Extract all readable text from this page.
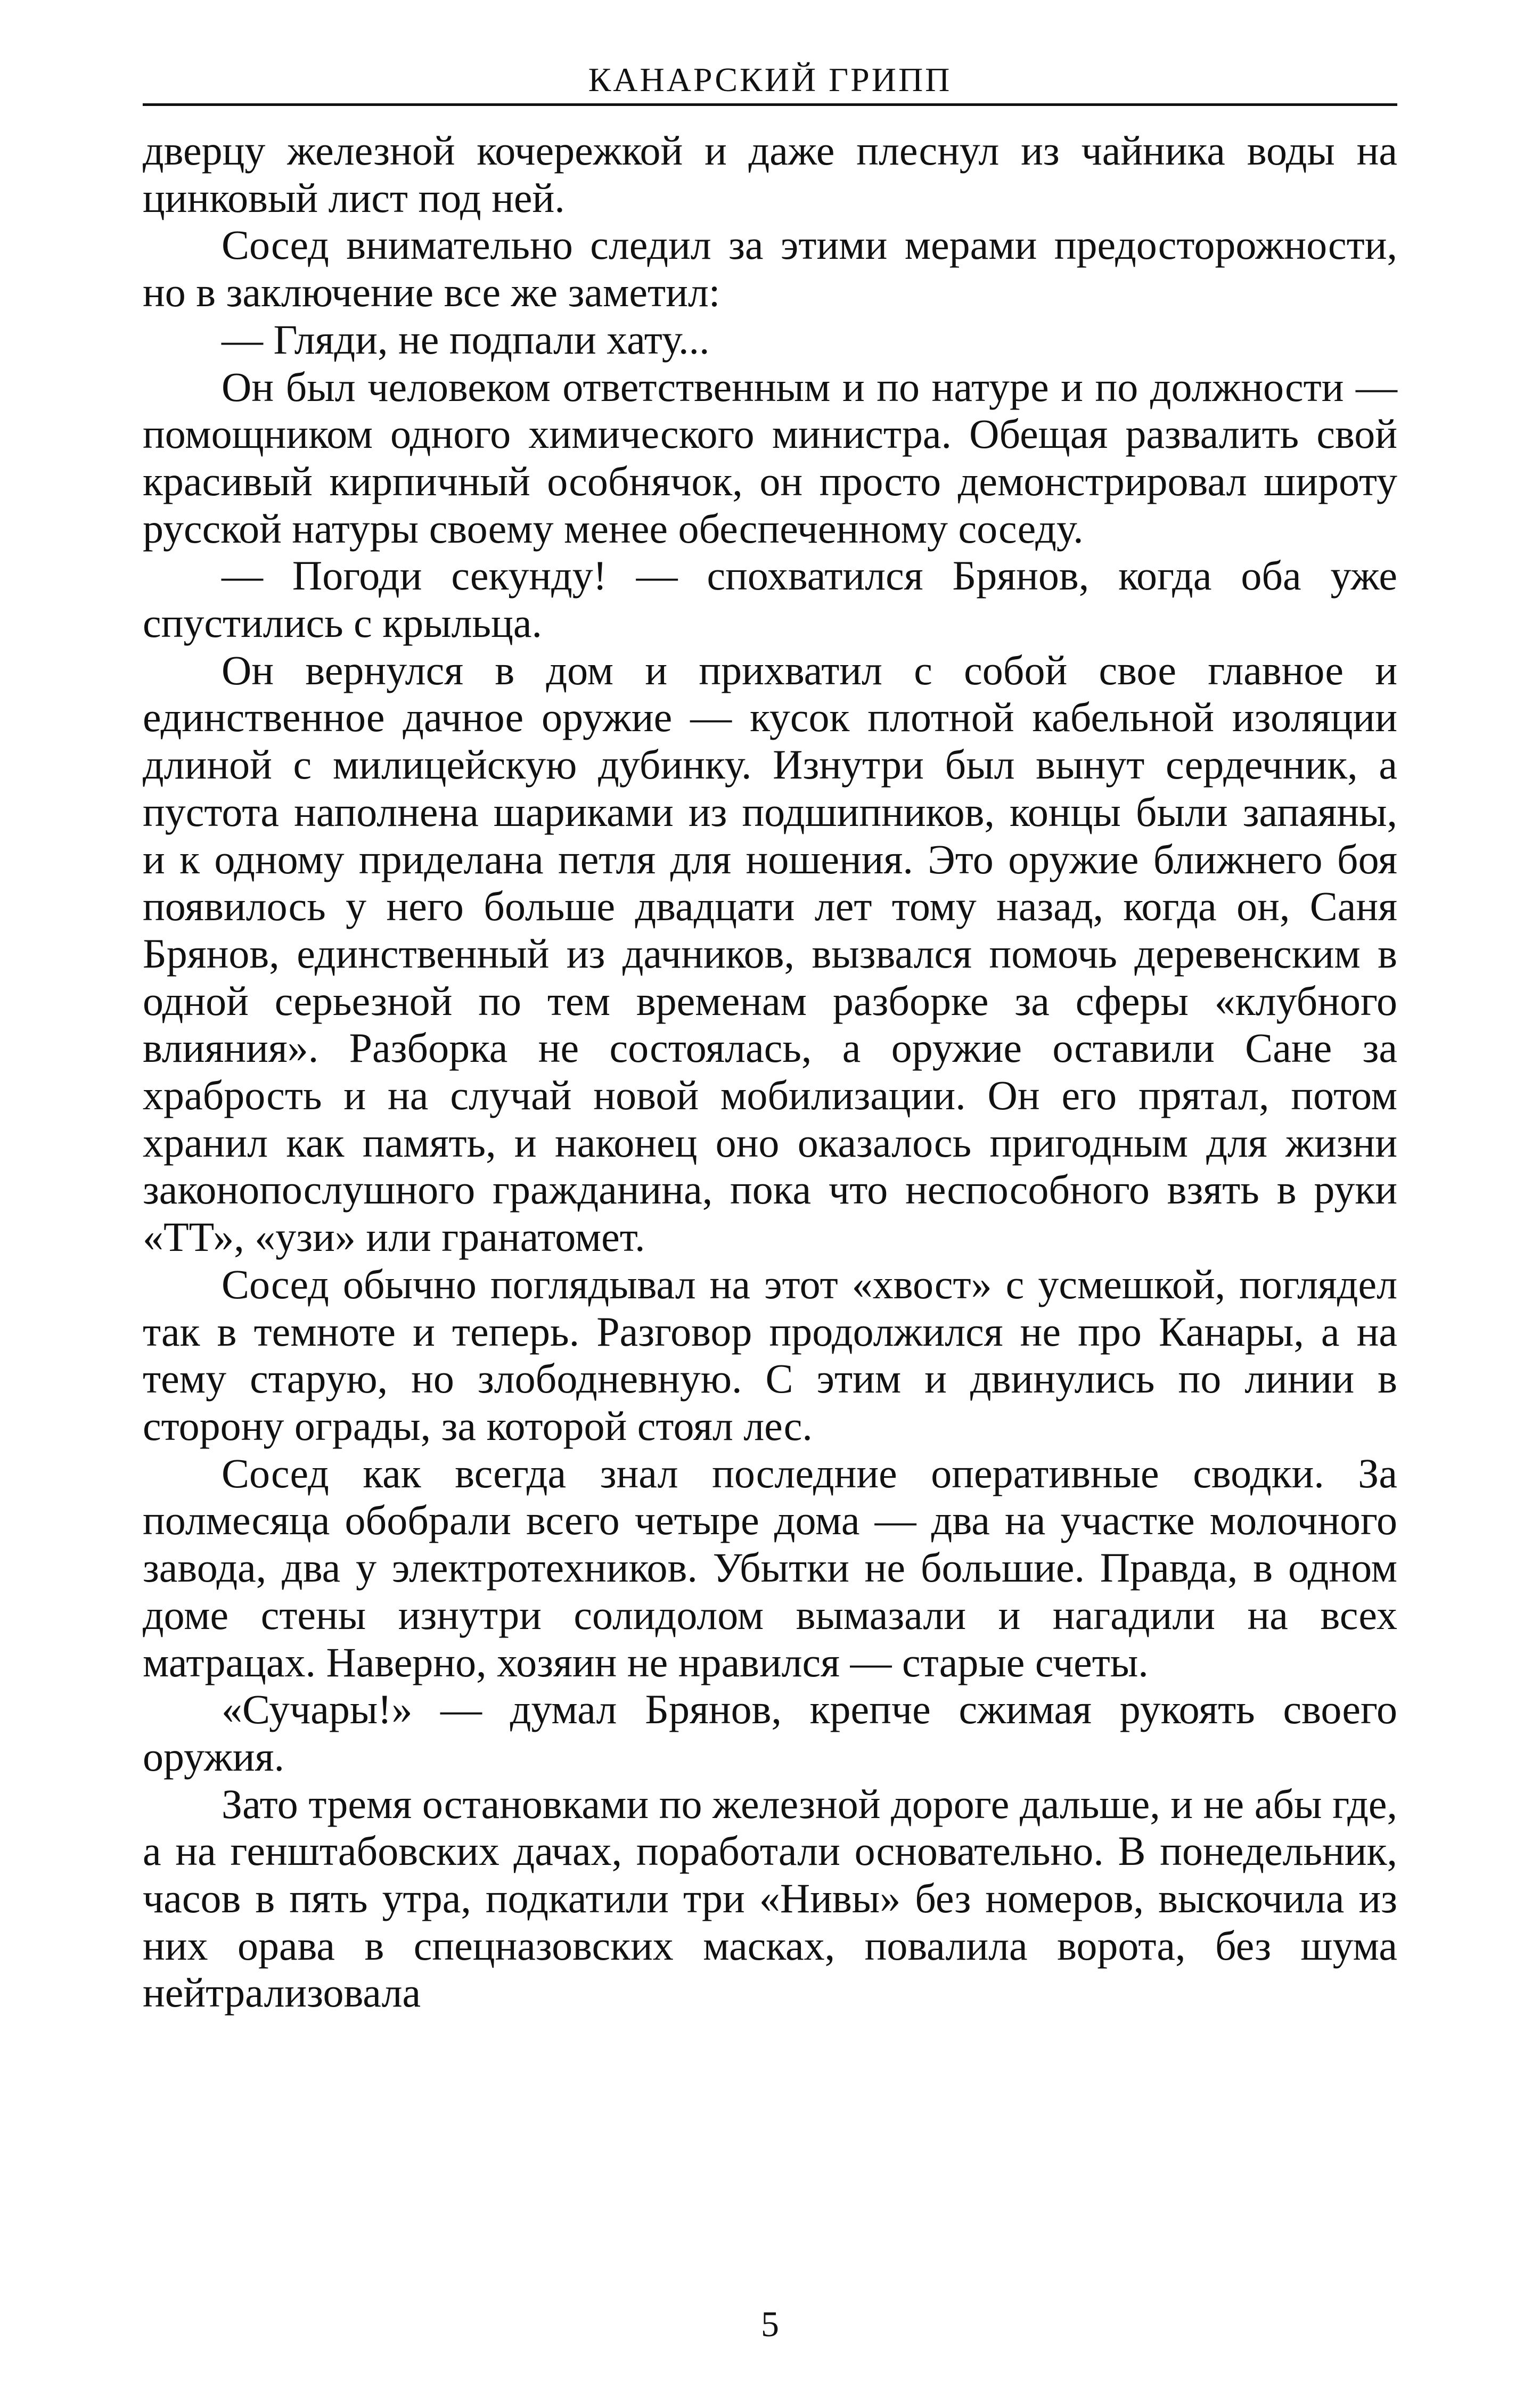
КАНАРСКИЙ ГРИПП

дверцу железной кочережкой и даже плеснул из чайника воды на цинковый лист под ней.

Сосед внимательно следил за этими мерами предосторожности, но в заключение все же заметил:

— Гляди, не подпали хату...

Он был человеком ответственным и по натуре и по должности — помощником одного химического министра. Обещая развалить свой красивый кирпичный особнячок, он просто демонстрировал широту русской натуры своему менее обеспеченному соседу.

— Погоди секунду! — спохватился Брянов, когда оба уже спустились с крыльца.

Он вернулся в дом и прихватил с собой свое главное и единственное дачное оружие — кусок плотной кабельной изоляции длиной с милицейскую дубинку. Изнутри был вынут сердечник, а пустота наполнена шариками из подшипников, концы были запаяны, и к одному приделана петля для ношения. Это оружие ближнего боя появилось у него больше двадцати лет тому назад, когда он, Саня Брянов, единственный из дачников, вызвался помочь деревенским в одной серьезной по тем временам разборке за сферы «клубного влияния». Разборка не состоялась, а оружие оставили Сане за храбрость и на случай новой мобилизации. Он его прятал, потом хранил как память, и наконец оно оказалось пригодным для жизни законопослушного гражданина, пока что неспособного взять в руки «ТТ», «узи» или гранатомет.

Сосед обычно поглядывал на этот «хвост» с усмешкой, поглядел так в темноте и теперь. Разговор продолжился не про Канары, а на тему старую, но злободневную. С этим и двинулись по линии в сторону ограды, за которой стоял лес.

Сосед как всегда знал последние оперативные сводки. За полмесяца обобрали всего четыре дома — два на участке молочного завода, два у электротехников. Убытки не большие. Правда, в одном доме стены изнутри солидолом вымазали и нагадили на всех матрацах. Наверно, хозяин не нравился — старые счеты.

«Сучары!» — думал Брянов, крепче сжимая рукоять своего оружия.

Зато тремя остановками по железной дороге дальше, и не абы где, а на генштабовских дачах, поработали основательно. В понедельник, часов в пять утра, подкатили три «Нивы» без номеров, выскочила из них орава в спецназовских масках, повалила ворота, без шума нейтрализовала

5
